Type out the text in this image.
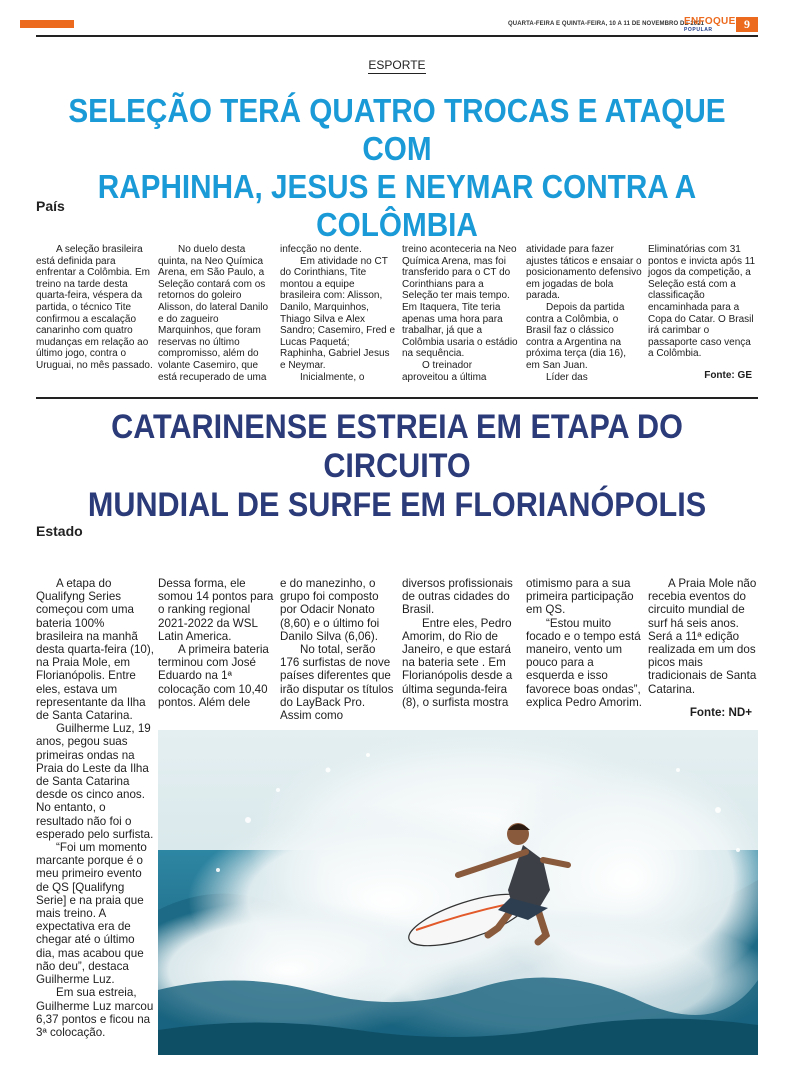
QUARTA-FEIRA E QUINTA-FEIRA, 10 A 11 DE NOVEMBRO DE 2021
ENFOQUE
POPULAR	9
ESPORTE
SELEÇÃO TERÁ QUATRO TROCAS E ATAQUE COM
RAPHINHA, JESUS E NEYMAR CONTRA A COLÔMBIA
País

A seleção brasileira está definida para enfrentar a Colômbia. Em treino na tarde desta quarta-feira, véspera da partida, o técnico Tite confirmou a escalação canarinho com quatro mudanças em relação ao último jogo, contra o Uruguai, no mês passado.

No duelo desta quinta, na Neo Química Arena, em São Paulo, a Seleção contará com os retornos do goleiro Alisson, do lateral Danilo e do zagueiro Marquinhos, que foram reservas no último compromisso, além do volante Casemiro, que está recuperado de uma

infecção no dente.

Em atividade no CT do Corinthians, Tite montou a equipe brasileira com: Alisson, Danilo, Marquinhos, Thiago Silva e Alex Sandro; Casemiro, Fred e Lucas Paquetá; Raphinha, Gabriel Jesus e Neymar.

Inicialmente, o

treino aconteceria na Neo Química Arena, mas foi transferido para o CT do Corinthians para a Seleção ter mais tempo. Em Itaquera, Tite teria apenas uma hora para trabalhar, já que a Colômbia usaria o estádio na sequência.

O treinador aproveitou a última

atividade para fazer ajustes táticos e ensaiar o posicionamento defensivo em jogadas de bola parada.

Depois da partida contra a Colômbia, o Brasil faz o clássico contra a Argentina na próxima terça (dia 16), em San Juan.

Líder das

Eliminatórias com 31 pontos e invicta após 11 jogos da competição, a Seleção está com a classificação encaminhada para a Copa do Catar. O Brasil irá carimbar o passaporte caso vença a Colômbia.

Fonte: GE

CATARINENSE ESTREIA EM ETAPA DO CIRCUITO
MUNDIAL DE SURFE EM FLORIANÓPOLIS
Estado

A etapa do Qualifyng Series começou com uma bateria 100% brasileira na manhã desta quarta-feira (10), na Praia Mole, em Florianópolis. Entre eles, estava um representante da Ilha de Santa Catarina.

Guilherme Luz, 19 anos, pegou suas primeiras ondas na Praia do Leste da Ilha de Santa Catarina desde os cinco anos. No entanto, o resultado não foi o esperado pelo surfista.

“Foi um momento marcante porque é o meu primeiro evento de QS [Qualifyng Serie] e na praia que mais treino. A expectativa era de chegar até o último dia, mas acabou que não deu”, destaca Guilherme Luz.

Em sua estreia, Guilherme Luz marcou 6,37 pontos e ficou na 3ª colocação.

Dessa forma, ele somou 14 pontos para o ranking regional 2021-2022 da WSL Latin America.

A primeira bateria terminou com José Eduardo na 1ª colocação com 10,40 pontos. Além dele

e do manezinho, o grupo foi composto por Odacir Nonato (8,60) e o último foi Danilo Silva (6,06).

No total, serão 176 surfistas de nove países diferentes que irão disputar os títulos do LayBack Pro. Assim como

diversos profissionais de outras cidades do Brasil.

Entre eles, Pedro Amorim, do Rio de Janeiro, e que estará na bateria sete . Em Florianópolis desde a última segunda-feira (8), o surfista mostra

otimismo para a sua primeira participação em QS.

“Estou muito focado e o tempo está maneiro, vento um pouco para a esquerda e isso favorece boas ondas”, explica Pedro Amorim.

A Praia Mole não recebia eventos do circuito mundial de surf há seis anos. Será a 11ª edição realizada em um dos picos mais tradicionais de Santa Catarina.

Fonte: ND+
